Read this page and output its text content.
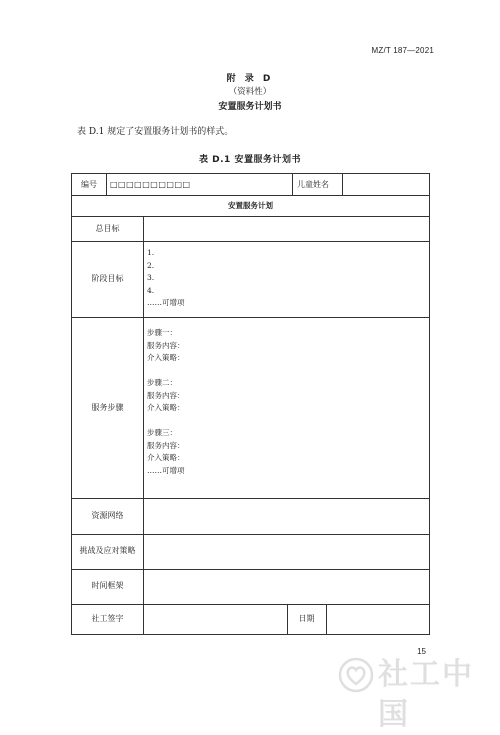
MZ/T 187—2021
附 录 D
（资料性）
安置服务计划书
表 D.1 规定了安置服务计划书的样式。
表 D.1 安置服务计划书
编号 □□□□□□□□□□	儿童姓名
安置服务计划
总目标
阶段目标
1.
2.
3.
4.
……可增项
服务步骤
步骤一：
服务内容：
介入策略：
步骤二：
服务内容：
介入策略：
步骤三：
服务内容：
介入策略：
……可增项
资源网络
挑战及应对策略
时间框架
社工签字	日期
15
社工中国
